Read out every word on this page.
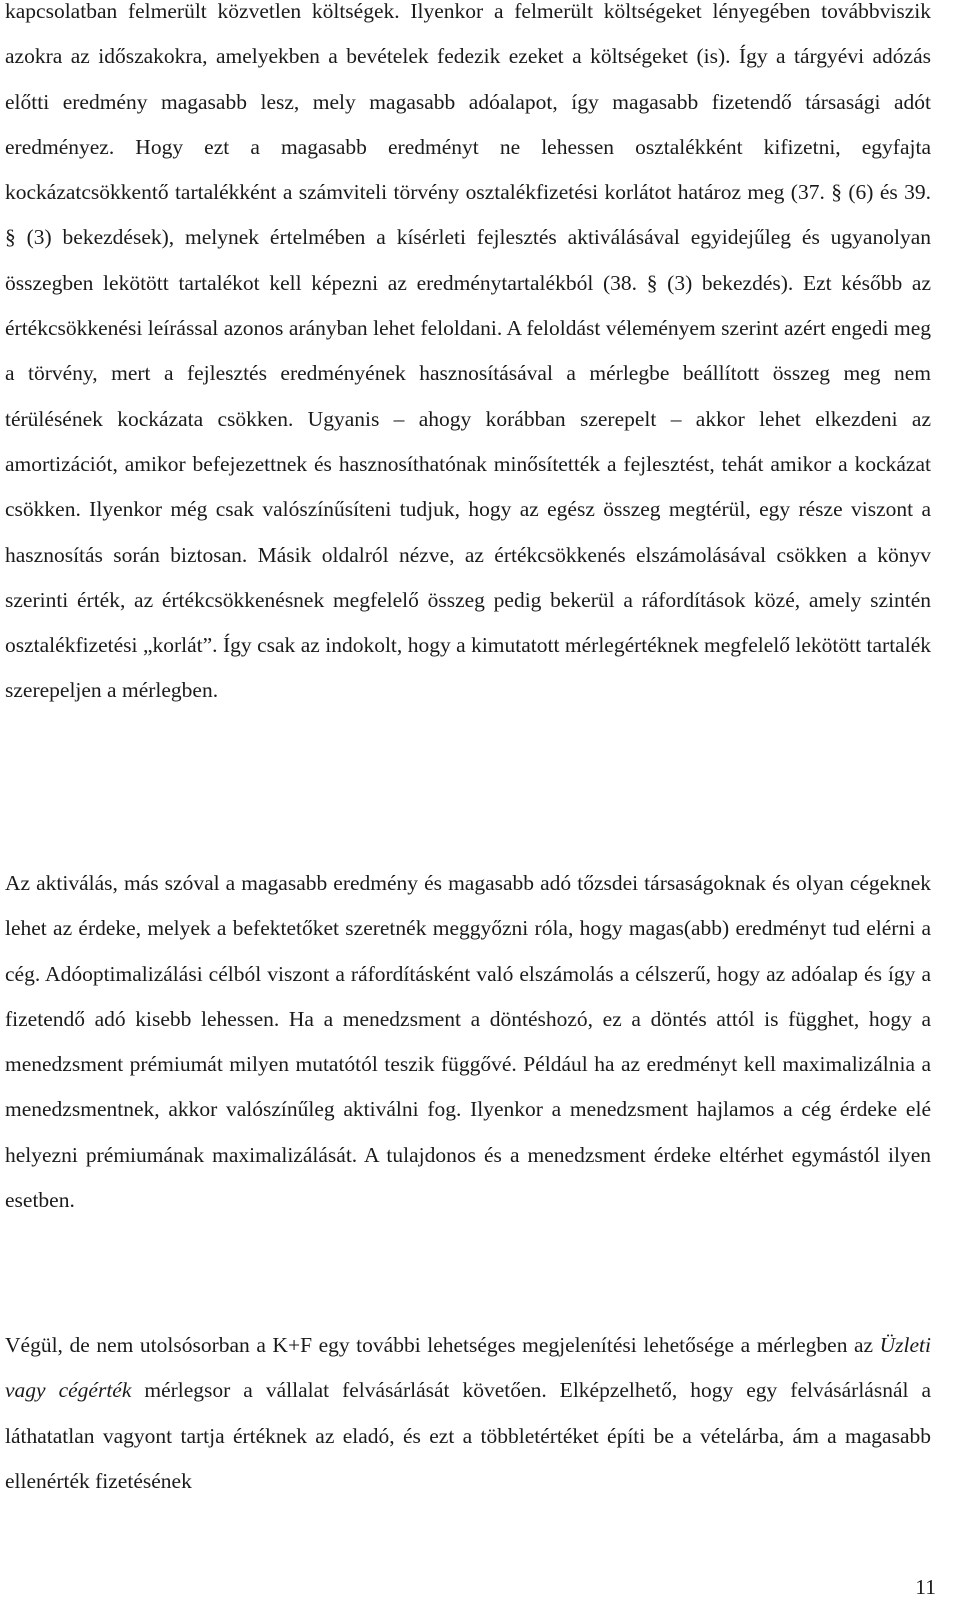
kapcsolatban felmerült közvetlen költségek. Ilyenkor a felmerült költségeket lényegében továbbviszik azokra az időszakokra, amelyekben a bevételek fedezik ezeket a költségeket (is). Így a tárgyévi adózás előtti eredmény magasabb lesz, mely magasabb adóalapot, így magasabb fizetendő társasági adót eredményez. Hogy ezt a magasabb eredményt ne lehessen osztalékként kifizetni, egyfajta kockázatcsökkentő tartalékként a számviteli törvény osztalékfizetési korlátot határoz meg (37. § (6) és 39. § (3) bekezdések), melynek értelmében a kísérleti fejlesztés aktiválásával egyidejűleg és ugyanolyan összegben lekötött tartalékot kell képezni az eredménytartalékból (38. § (3) bekezdés). Ezt később az értékcsökkenési leírással azonos arányban lehet feloldani. A feloldást véleményem szerint azért engedi meg a törvény, mert a fejlesztés eredményének hasznosításával a mérlegbe beállított összeg meg nem térülésének kockázata csökken. Ugyanis – ahogy korábban szerepelt – akkor lehet elkezdeni az amortizációt, amikor befejezettnek és hasznosíthatónak minősítették a fejlesztést, tehát amikor a kockázat csökken. Ilyenkor még csak valószínűsíteni tudjuk, hogy az egész összeg megtérül, egy része viszont a hasznosítás során biztosan. Másik oldalról nézve, az értékcsökkenés elszámolásával csökken a könyv szerinti érték, az értékcsökkenésnek megfelelő összeg pedig bekerül a ráfordítások közé, amely szintén osztalékfizetési „korlát”. Így csak az indokolt, hogy a kimutatott mérlegértéknek megfelelő lekötött tartalék szerepeljen a mérlegben.

Az aktiválás, más szóval a magasabb eredmény és magasabb adó tőzsdei társaságoknak és olyan cégeknek lehet az érdeke, melyek a befektetőket szeretnék meggyőzni róla, hogy magas(abb) eredményt tud elérni a cég. Adóoptimalizálási célból viszont a ráfordításként való elszámolás a célszerű, hogy az adóalap és így a fizetendő adó kisebb lehessen. Ha a menedzsment a döntéshozó, ez a döntés attól is függhet, hogy a menedzsment prémiumát milyen mutatótól teszik függővé. Például ha az eredményt kell maximalizálnia a menedzsmentnek, akkor valószínűleg aktiválni fog. Ilyenkor a menedzsment hajlamos a cég érdeke elé helyezni prémiumának maximalizálását. A tulajdonos és a menedzsment érdeke eltérhet egymástól ilyen esetben.

Végül, de nem utolsósorban a K+F egy további lehetséges megjelenítési lehetősége a mérlegben az Üzleti vagy cégérték mérlegsor a vállalat felvásárlását követően. Elképzelhető, hogy egy felvásárlásnál a láthatatlan vagyont tartja értéknek az eladó, és ezt a többletértéket építi be a vételárba, ám a magasabb ellenérték fizetésének

11
